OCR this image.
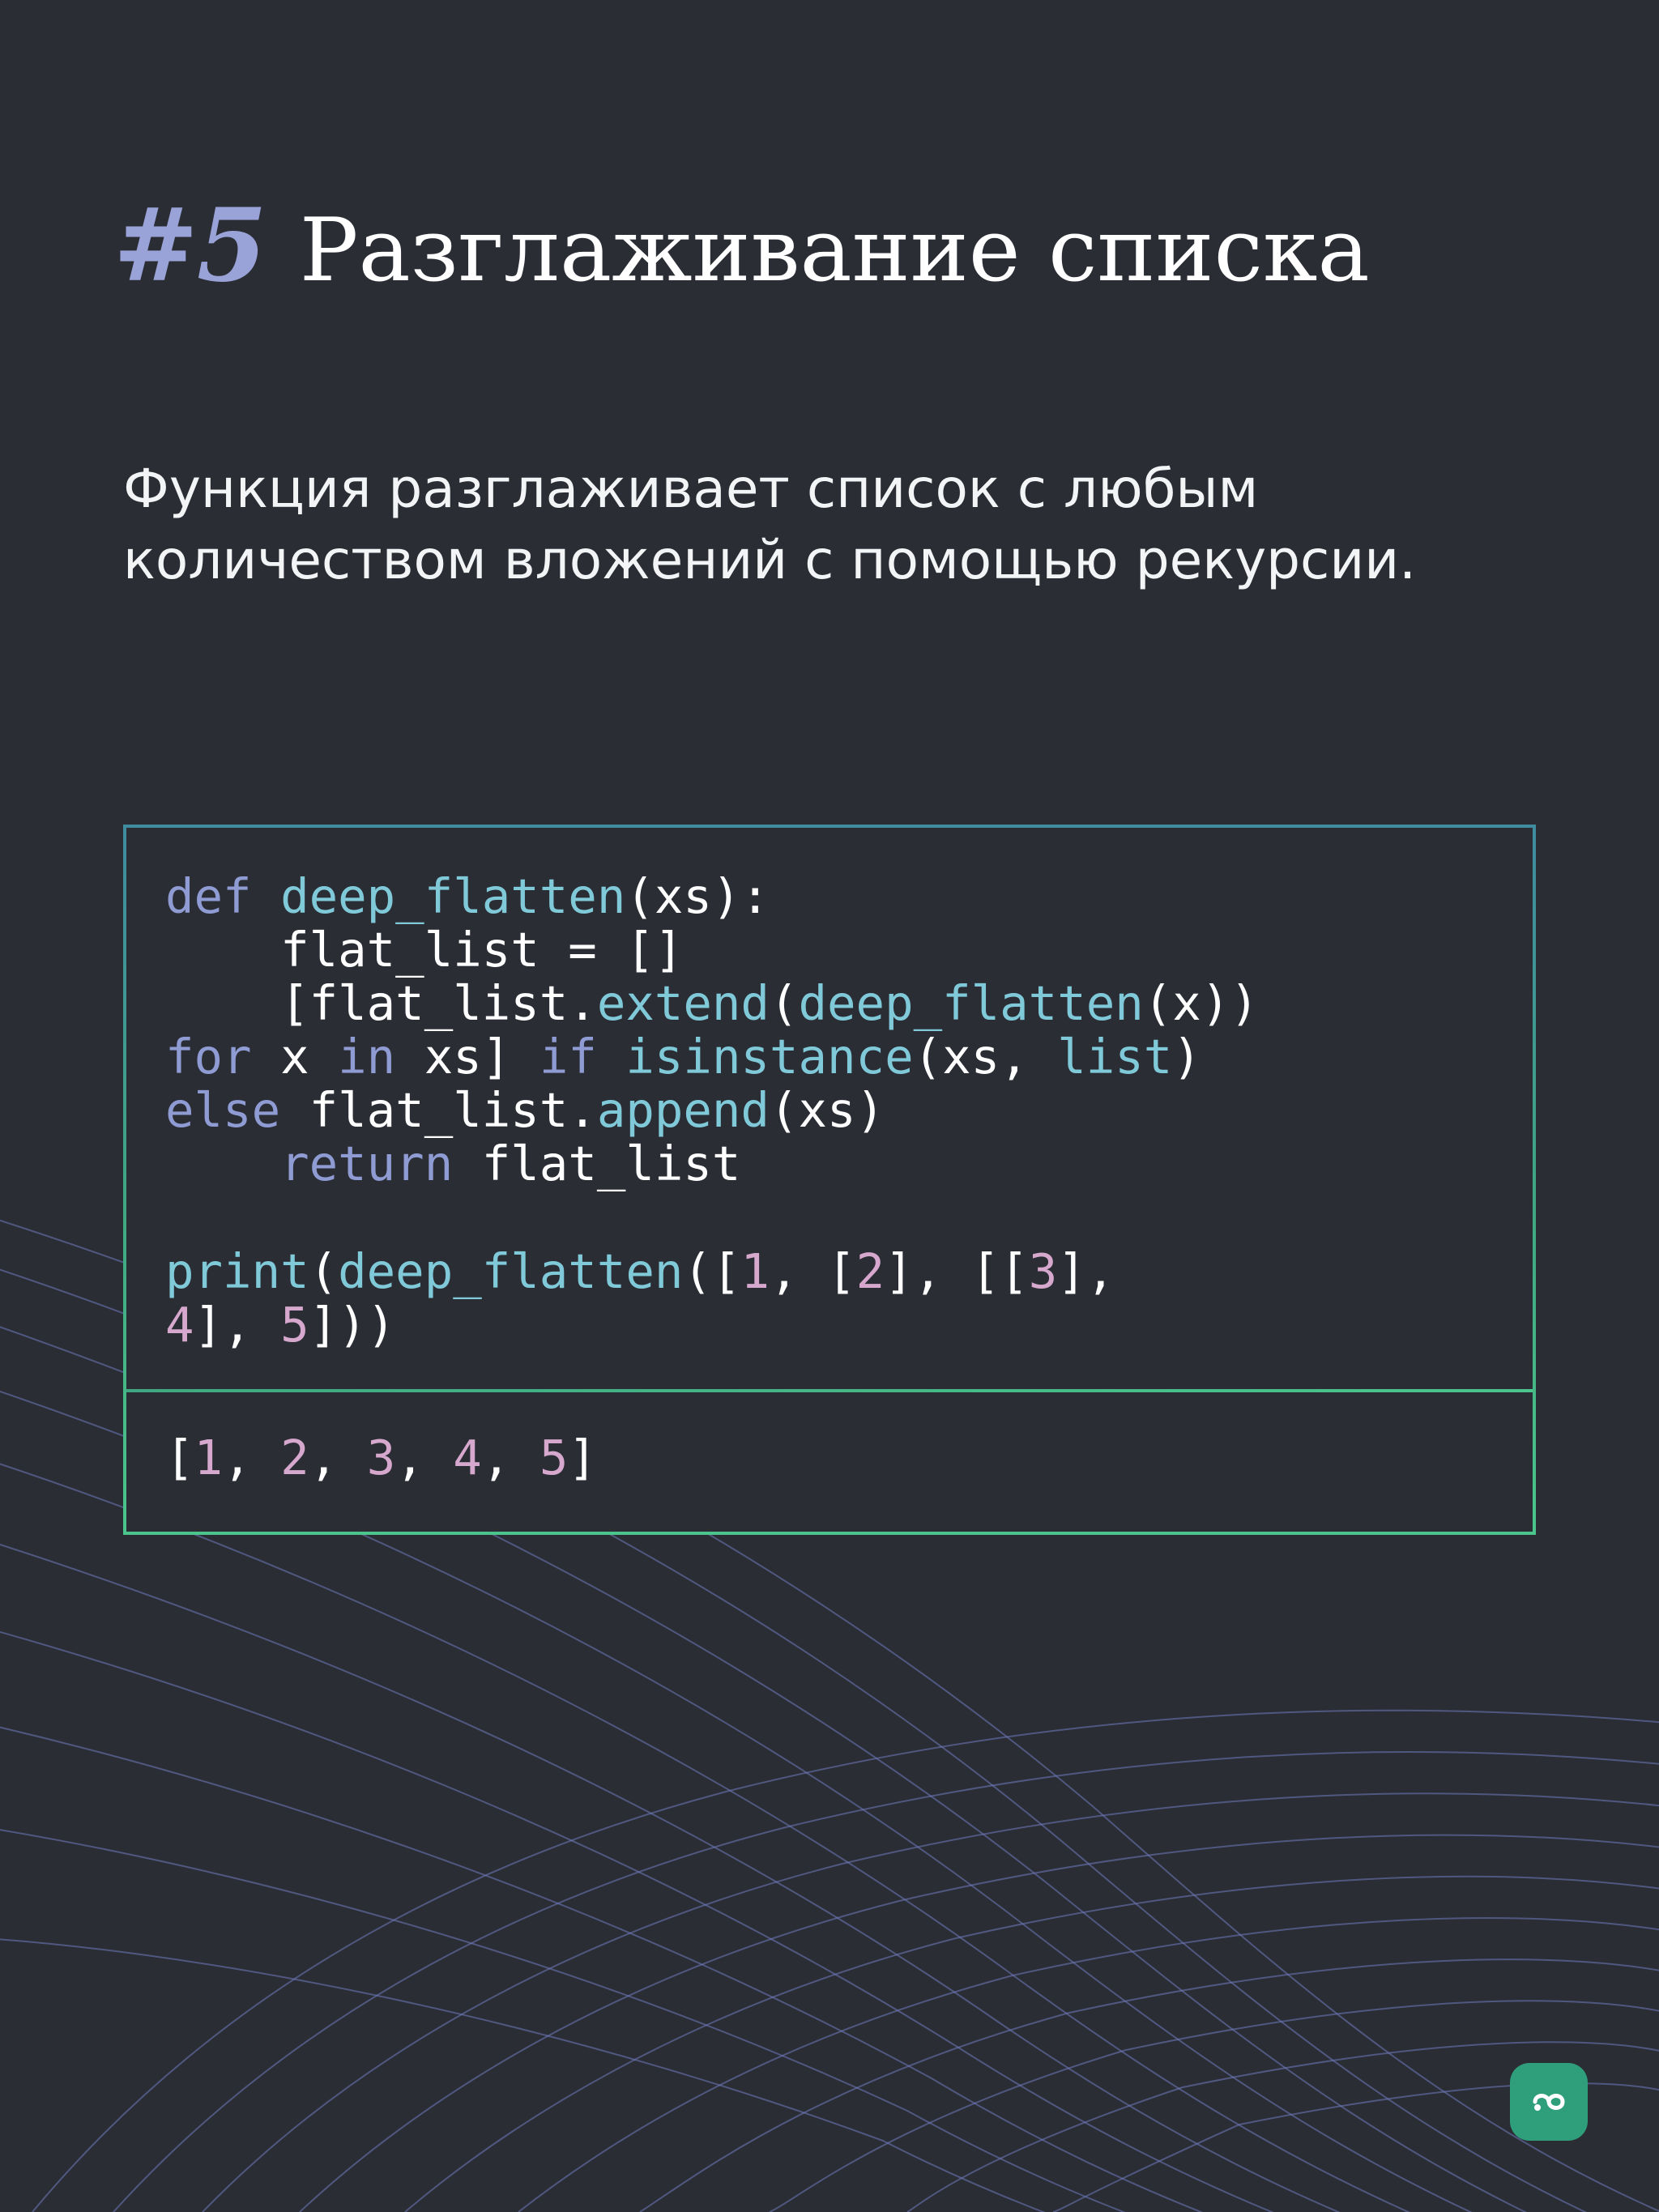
#5 Разглаживание списка
Функция разглаживает список с любым количеством вложений с помощью рекурсии.
def deep_flatten(xs):
flat_list = []
[flat_list.extend(deep_flatten(x))
for x in xs] if isinstance(xs, list)
else flat_list.append(xs)
return flat_list

print(deep_flatten([1, [2], [[3],
4], 5]))
[1, 2, 3, 4, 5]
